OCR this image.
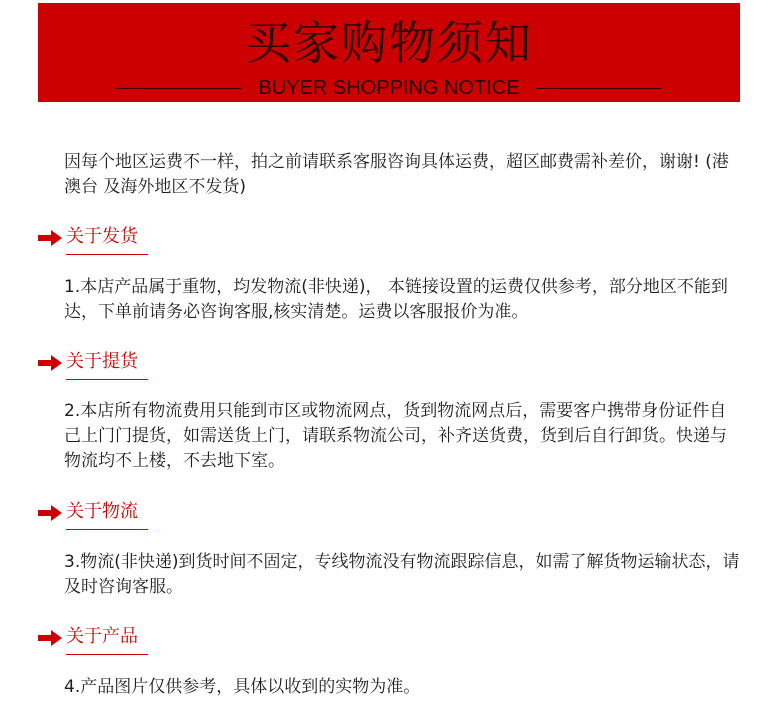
买家购物须知
BUYER SHOPPING NOTICE

因每个地区运费不一样，拍之前请联系客服咨询具体运费，超区邮费需补差价，谢谢! (港澳台 及海外地区不发货)

关于发货

1.本店产品属于重物，均发物流(非快递)， 本链接设置的运费仅供参考，部分地区不能到达，下单前请务必咨询客服,核实清楚。运费以客服报价为准。

关于提货

2.本店所有物流费用只能到市区或物流网点，货到物流网点后，需要客户携带身份证件自己上门门提货，如需送货上门，请联系物流公司，补齐送货费，货到后自行卸货。快递与物流均不上楼，不去地下室。

关于物流

3.物流(非快递)到货时间不固定，专线物流没有物流跟踪信息，如需了解货物运输状态，请及时咨询客服。

关于产品

4.产品图片仅供参考，具体以收到的实物为准。
